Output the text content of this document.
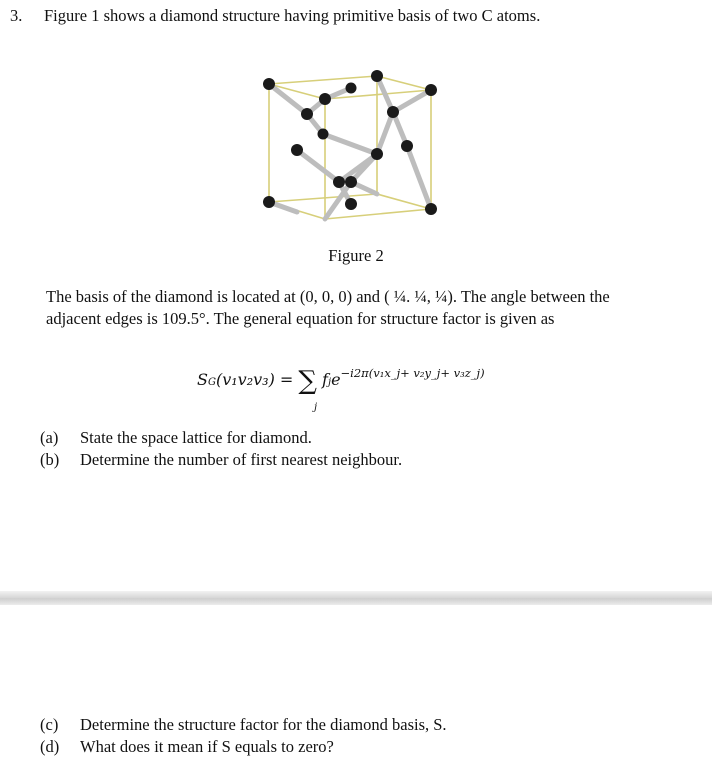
3. Figure 1 shows a diamond structure having primitive basis of two C atoms.
Figure 2
The basis of the diamond is located at (0, 0, 0) and ( ¼. ¼, ¼). The angle between the
adjacent edges is 109.5°. The general equation for structure factor is given as
SG(v₁v₂v₃) = ∑ fje$^{-i2\pi(v_1x\_j+ v_2y\_j+ v_3z\_j)}$
j
(a) State the space lattice for diamond.
(b) Determine the number of first nearest neighbour.
(c) Determine the structure factor for the diamond basis, S.
(d) What does it mean if S equals to zero?
